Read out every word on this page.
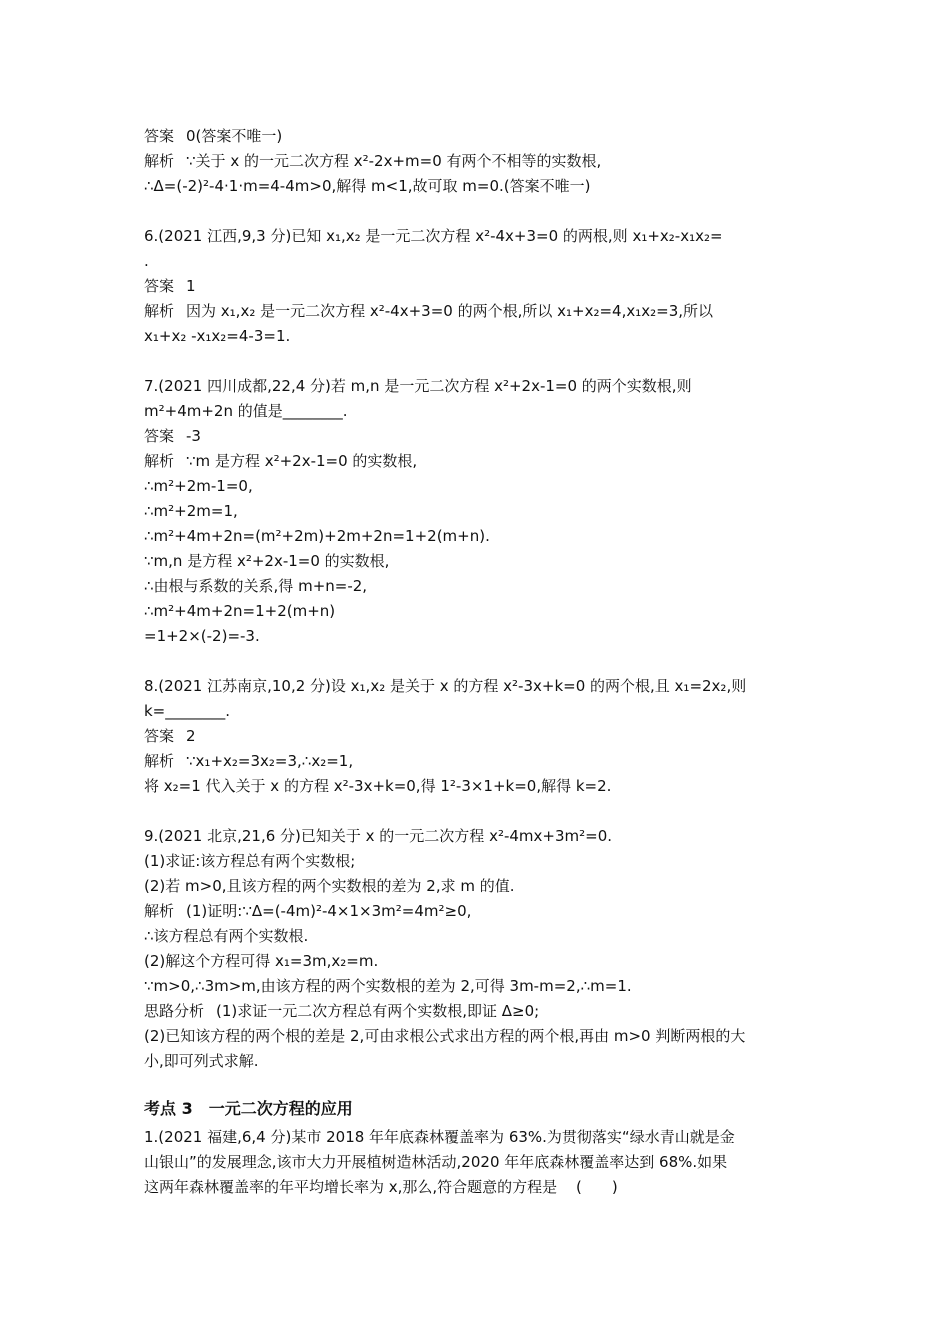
答案 0(答案不唯一)
解析 ∵关于 x 的一元二次方程 x²-2x+m=0 有两个不相等的实数根,
∴Δ=(-2)²-4·1·m=4-4m>0,解得 m<1,故可取 m=0.(答案不唯一)
6.(2021 江西,9,3 分)已知 x₁,x₂ 是一元二次方程 x²-4x+3=0 的两根,则 x₁+x₂-x₁x₂=
.
答案 1
解析 因为 x₁,x₂ 是一元二次方程 x²-4x+3=0 的两个根,所以 x₁+x₂=4,x₁x₂=3,所以
x₁+x₂ -x₁x₂=4-3=1.
7.(2021 四川成都,22,4 分)若 m,n 是一元二次方程 x²+2x-1=0 的两个实数根,则
m²+4m+2n 的值是________.
答案 -3
解析 ∵m 是方程 x²+2x-1=0 的实数根,
∴m²+2m-1=0,
∴m²+2m=1,
∴m²+4m+2n=(m²+2m)+2m+2n=1+2(m+n).
∵m,n 是方程 x²+2x-1=0 的实数根,
∴由根与系数的关系,得 m+n=-2,
∴m²+4m+2n=1+2(m+n)
=1+2×(-2)=-3.
8.(2021 江苏南京,10,2 分)设 x₁,x₂ 是关于 x 的方程 x²-3x+k=0 的两个根,且 x₁=2x₂,则
k=________.
答案 2
解析 ∵x₁+x₂=3x₂=3,∴x₂=1,
将 x₂=1 代入关于 x 的方程 x²-3x+k=0,得 1²-3×1+k=0,解得 k=2.
9.(2021 北京,21,6 分)已知关于 x 的一元二次方程 x²-4mx+3m²=0.
(1)求证:该方程总有两个实数根;
(2)若 m>0,且该方程的两个实数根的差为 2,求 m 的值.
解析 (1)证明:∵Δ=(-4m)²-4×1×3m²=4m²≥0,
∴该方程总有两个实数根.
(2)解这个方程可得 x₁=3m,x₂=m.
∵m>0,∴3m>m,由该方程的两个实数根的差为 2,可得 3m-m=2,∴m=1.
思路分析 (1)求证一元二次方程总有两个实数根,即证 Δ≥0;
(2)已知该方程的两个根的差是 2,可由求根公式求出方程的两个根,再由 m>0 判断两根的大
小,即可列式求解.
考点 3　一元二次方程的应用
1.(2021 福建,6,4 分)某市 2018 年年底森林覆盖率为 63%.为贯彻落实“绿水青山就是金
山银山”的发展理念,该市大力开展植树造林活动,2020 年年底森林覆盖率达到 68%.如果
这两年森林覆盖率的年平均增长率为 x,那么,符合题意的方程是 (　　)
